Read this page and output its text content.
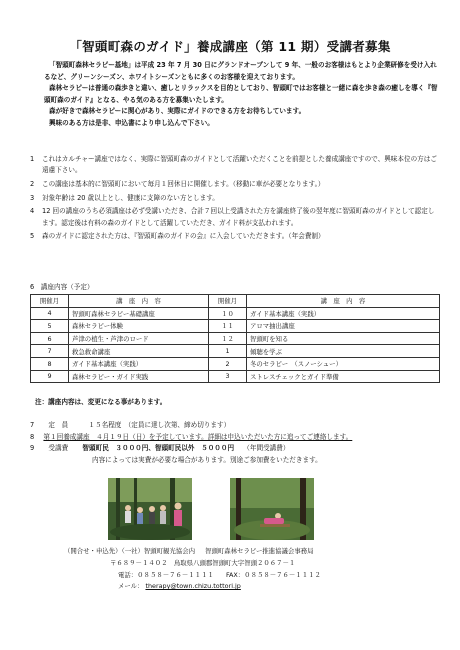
「智頭町森のガイド」養成講座（第 11 期）受講者募集

「智頭町森林セラピー基地」は平成 23 年 7 月 30 日にグランドオープンして 9 年、一般のお客様はもとより企業研修を受け入れるなど、グリーンシーズン、ホワイトシーズンともに多くのお客様を迎えております。

森林セラピーは普通の森歩きと違い、癒しとリラックスを目的としており、智頭町ではお客様と一緒に森を歩き森の癒しを導く『智頭町森のガイド』となる、やる気のある方を募集いたします。

森が好きで森林セラピーに関心があり、実際にガイドのできる方をお待ちしています。

興味のある方は是非、申込書により申し込んで下さい。

1	これはカルチャー講座ではなく、実際に智頭町森のガイドとして活躍いただくことを前提とした養成講座ですので、興味本位の方はご遠慮下さい。
2	この講座は基本的に智頭町において毎月１回休日に開催します。（移動に車が必要となります。）
3	対象年齢は 20 歳以上とし、健康に支障のない方とします。
4	12 回の講座のうち必須講座は必ず受講いただき、合計７回以上受講された方を講座終了後の翌年度に智頭町森のガイドとして認定します。認定後は有料の森のガイドとして活躍していただき、ガイド料が支払われます。
5	森のガイドに認定された方は、『智頭町森のガイドの会』に入会していただきます。（年会費制）
6　講座内容（予定）
開催月	講　座　内　容	開催月	講　座　内　容
4	智頭町森林セラピー基礎講座	１０	ガイド基本講座（実践）
5	森林セラピー体験	１１	アロマ抽出講座
6	芦津の植生・芦津のロード	１２	智頭町を知る
7	救急救命講座	1	傾聴を学ぶ
8	ガイド基本講座（実践）	2	冬のセラピー　（スノーシュー）
9	森林セラピー・ガイド実践	3	ストレスチェックとガイド準備
注：講座内容は、変更になる事があります。
7 定　員	１５名程度　（定員に達し次第、締め切ります）
8 第１回養成講座　４月１９日（日）を予定しています。詳細は申込いただいた方に追ってご連絡します。
9 受講費 智頭町民　３０００円、智頭町民以外　５０００円 （年間受講費）
内容によっては実費が必要な場合があります。別途ご参加費をいただきます。
（開合せ・申込先）（一社）智頭町観光協会内 智頭町森林セラピー推進協議会事務局
〒６８９－１４０２　鳥取県八頭郡智頭町大字智頭２０６７－１
電話：０８５８－７６－１１１１ FAX：０８５８－７６－１１１２
メール： therapy@town.chizu.tottori.jp
